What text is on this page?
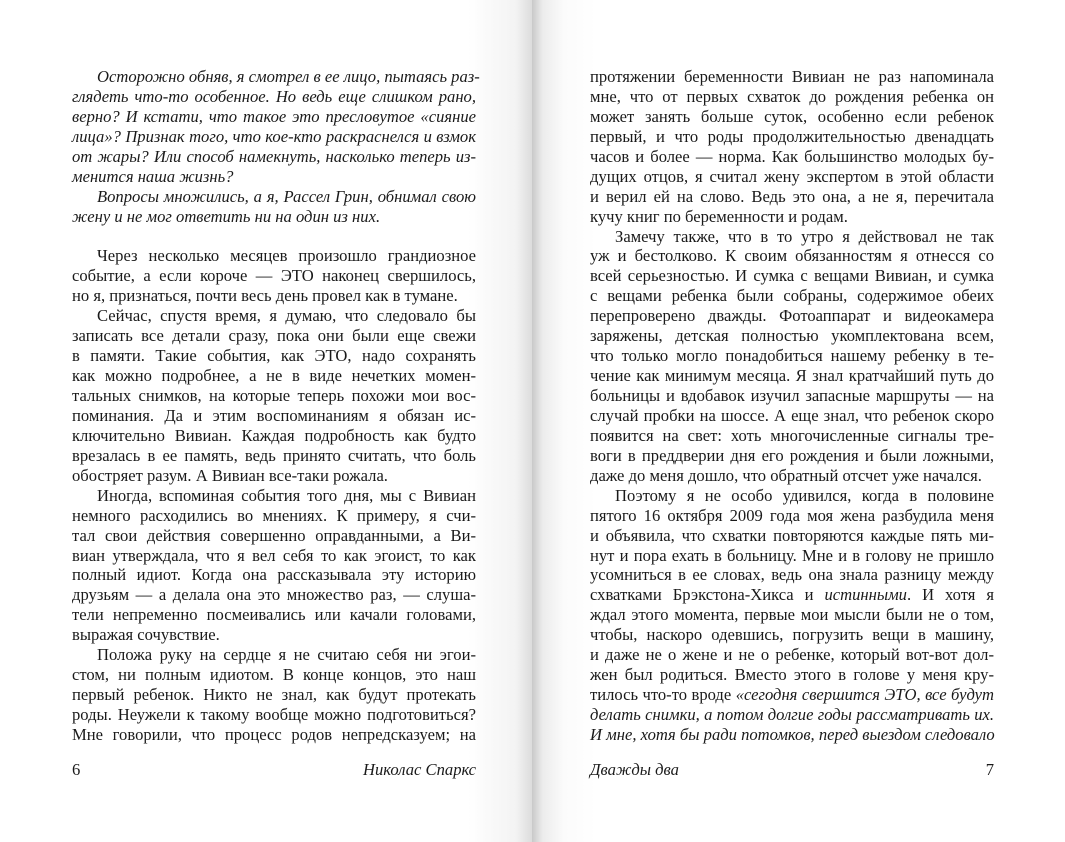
Осторожно обняв, я смотрел в ее лицо, пытаясь раз-
глядеть что-то особенное. Но ведь еще слишком рано,
верно? И кстати, что такое это пресловутое «сияние
лица»? Признак того, что кое-кто раскраснелся и взмок
от жары? Или способ намекнуть, насколько теперь из-
менится наша жизнь?
Вопросы множились, а я, Рассел Грин, обнимал свою
жену и не мог ответить ни на один из них.
Через несколько месяцев произошло грандиозное
событие, а если короче — ЭТО наконец свершилось,
но я, признаться, почти весь день провел как в тумане.
Сейчас, спустя время, я думаю, что следовало бы
записать все детали сразу, пока они были еще свежи
в памяти. Такие события, как ЭТО, надо сохранять
как можно подробнее, а не в виде нечетких момен-
тальных снимков, на которые теперь похожи мои вос-
поминания. Да и этим воспоминаниям я обязан ис-
ключительно Вивиан. Каждая подробность как будто
врезалась в ее память, ведь принято считать, что боль
обостряет разум. А Вивиан все-таки рожала.
Иногда, вспоминая события того дня, мы с Вивиан
немного расходились во мнениях. К примеру, я счи-
тал свои действия совершенно оправданными, а Ви-
виан утверждала, что я вел себя то как эгоист, то как
полный идиот. Когда она рассказывала эту историю
друзьям — а делала она это множество раз, — слуша-
тели непременно посмеивались или качали головами,
выражая сочувствие.
Положа руку на сердце я не считаю себя ни эгои-
стом, ни полным идиотом. В конце концов, это наш
первый ребенок. Никто не знал, как будут протекать
роды. Неужели к такому вообще можно подготовиться?
Мне говорили, что процесс родов непредсказуем; на
6	Николас Спаркс
протяжении беременности Вивиан не раз напоминала
мне, что от первых схваток до рождения ребенка он
может занять больше суток, особенно если ребенок
первый, и что роды продолжительностью двенадцать
часов и более — норма. Как большинство молодых бу-
дущих отцов, я считал жену экспертом в этой области
и верил ей на слово. Ведь это она, а не я, перечитала
кучу книг по беременности и родам.
Замечу также, что в то утро я действовал не так
уж и бестолково. К своим обязанностям я отнесся со
всей серьезностью. И сумка с вещами Вивиан, и сумка
с вещами ребенка были собраны, содержимое обеих
перепроверено дважды. Фотоаппарат и видеокамера
заряжены, детская полностью укомплектована всем,
что только могло понадобиться нашему ребенку в те-
чение как минимум месяца. Я знал кратчайший путь до
больницы и вдобавок изучил запасные маршруты — на
случай пробки на шоссе. А еще знал, что ребенок скоро
появится на свет: хоть многочисленные сигналы тре-
воги в преддверии дня его рождения и были ложными,
даже до меня дошло, что обратный отсчет уже начался.
Поэтому я не особо удивился, когда в половине
пятого 16 октября 2009 года моя жена разбудила меня
и объявила, что схватки повторяются каждые пять ми-
нут и пора ехать в больницу. Мне и в голову не пришло
усомниться в ее словах, ведь она знала разницу между
схватками Брэкстона-Хикса и истинными. И хотя я
ждал этого момента, первые мои мысли были не о том,
чтобы, наскоро одевшись, погрузить вещи в машину,
и даже не о жене и не о ребенке, который вот-вот дол-
жен был родиться. Вместо этого в голове у меня кру-
тилось что-то вроде «сегодня свершится ЭТО, все будут
делать снимки, а потом долгие годы рассматривать их.
И мне, хотя бы ради потомков, перед выездом следовало
Дважды два	7
